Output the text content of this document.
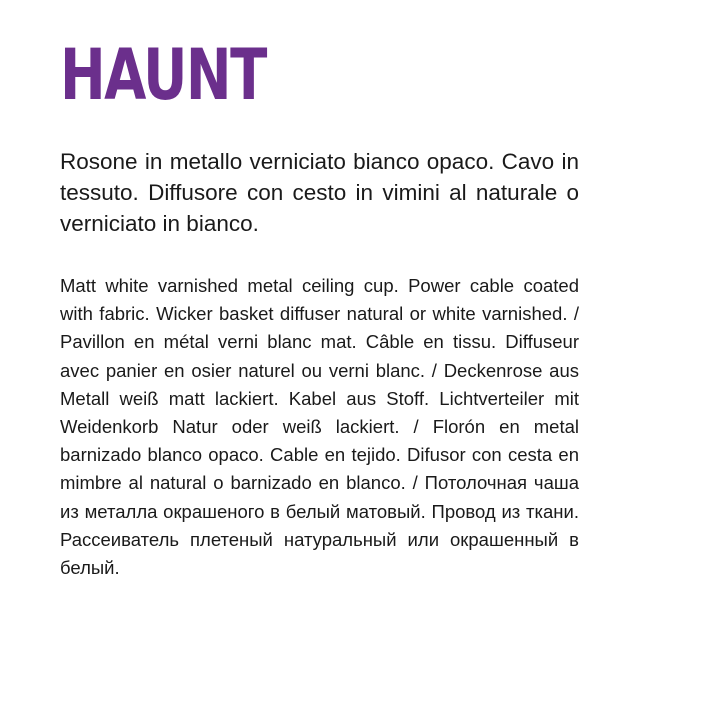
HAUNT

Rosone in metallo verniciato bianco opaco. Cavo in tessuto. Diffusore con cesto in vimini al naturale o verniciato in bianco.

Matt white varnished metal ceiling cup. Power cable coated with fabric. Wicker basket diffuser natural or white varnished. / Pavillon en métal verni blanc mat. Câble en tissu. Diffuseur avec panier en osier naturel ou verni blanc. / Deckenrose aus Metall weiß matt lackiert. Kabel aus Stoff. Lichtverteiler mit Weidenkorb Natur oder weiß lackiert. / Florón en metal barnizado blanco opaco. Cable en tejido. Difusor con cesta en mimbre al natural o barnizado en blanco. / Потолочная чаша из металла окрашеного в белый матовый. Провод из ткани. Рассеиватель плетеный натуральный или окрашенный в белый.
